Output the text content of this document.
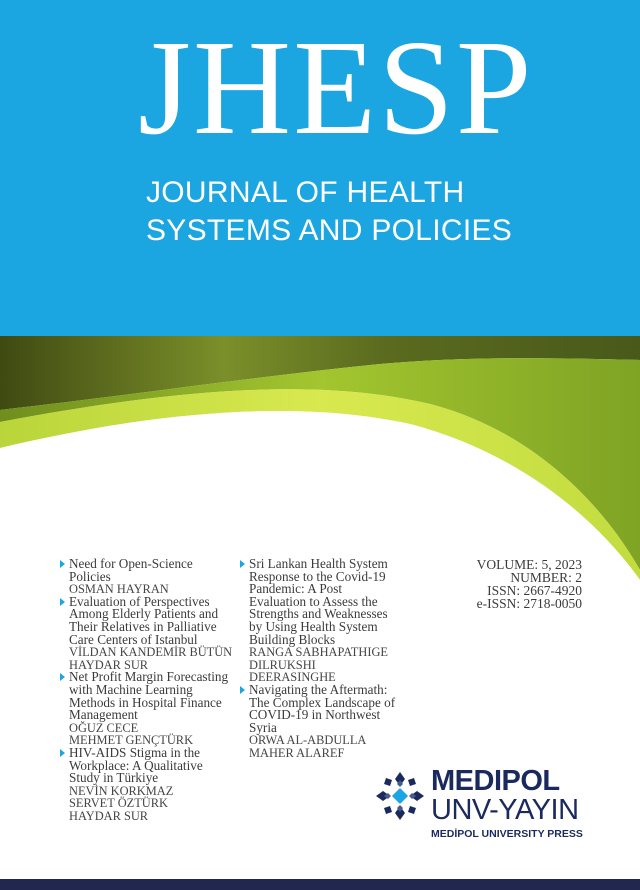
JHESP
JOURNAL OF HEALTH
SYSTEMS AND POLICIES
Need for Open-Science Policies
OSMAN HAYRAN
Evaluation of Perspectives Among Elderly Patients and Their Relatives in Palliative Care Centers of Istanbul
VİLDAN KANDEMİR BÜTÜN
HAYDAR SUR
Net Profit Margin Forecasting with Machine Learning Methods in Hospital Finance Management
OĞUZ CECE
MEHMET GENÇTÜRK
HIV-AIDS Stigma in the Workplace: A Qualitative Study in Türkiye
NEVİN KORKMAZ
SERVET ÖZTÜRK
HAYDAR SUR
Sri Lankan Health System Response to the Covid-19 Pandemic: A Post Evaluation to Assess the Strengths and Weaknesses by Using Health System Building Blocks
RANGA SABHAPATHIGE
DILRUKSHI DEERASINGHE
Navigating the Aftermath: The Complex Landscape of COVID-19 in Northwest Syria
ORWA AL-ABDULLA
MAHER ALAREF
VOLUME: 5, 2023
NUMBER: 2
ISSN: 2667-4920
e-ISSN: 2718-0050
MEDIPOL
UNV-YAYIN
MEDİPOL UNIVERSITY PRESS
